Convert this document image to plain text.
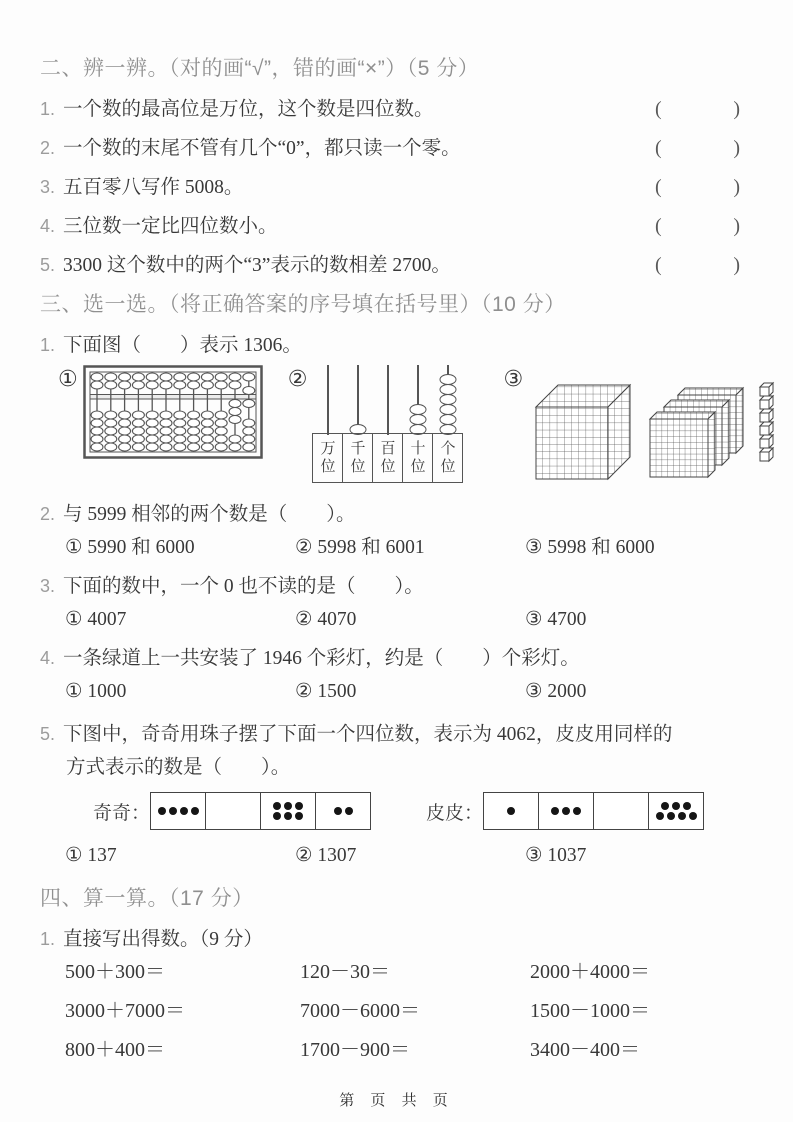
二、辨一辨。（对的画“√”，错的画“×”）（5 分）
1. 一个数的最高位是万位，这个数是四位数。	(	)
2. 一个数的末尾不管有几个“0”，都只读一个零。	(	)
3. 五百零八写作 5008。	(	)
4. 三位数一定比四位数小。	(	)
5. 3300 这个数中的两个“3”表示的数相差 2700。	(	)
三、选一选。（将正确答案的序号填在括号里）（10 分）
1. 下面图（　　）表示 1306。
①	②
万
位
千
位
百
位
十
位
个
位
③
2. 与 5999 相邻的两个数是（　　）。
① 5990 和 6000	② 5998 和 6001	③ 5998 和 6000
3. 下面的数中，一个 0 也不读的是（　　）。
① 4007	② 4070	③ 4700
4. 一条绿道上一共安装了 1946 个彩灯，约是（　　）个彩灯。
① 1000	② 1500	③ 2000
5. 下图中，奇奇用珠子摆了下面一个四位数，表示为 4062，皮皮用同样的
方式表示的数是（　　）。
奇奇：	皮皮：
① 137	② 1307	③ 1037
四、算一算。（17 分）
1. 直接写出得数。（9 分）
500＋300＝	120－30＝	2000＋4000＝
3000＋7000＝	7000－6000＝	1500－1000＝
800＋400＝	1700－900＝	3400－400＝
第 页 共 页
